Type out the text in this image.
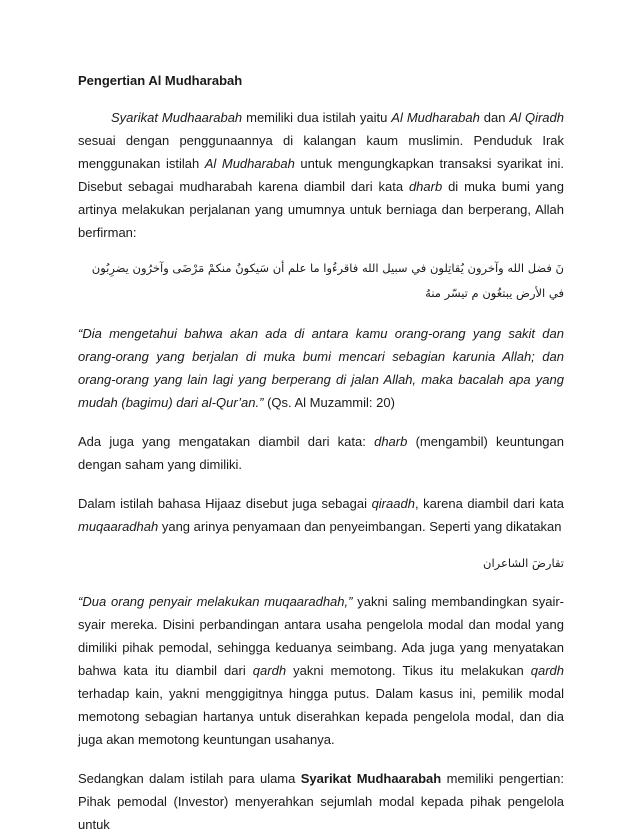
Pengertian Al Mudharabah

Syarikat Mudhaarabah memiliki dua istilah yaitu Al Mudharabah dan Al Qiradh sesuai dengan penggunaannya di kalangan kaum muslimin. Penduduk Irak menggunakan istilah Al Mudharabah untuk mengungkapkan transaksi syarikat ini. Disebut sebagai mudharabah karena diambil dari kata dharb di muka bumi yang artinya melakukan perjalanan yang umumnya untuk berniaga dan berperang, Allah berfirman:

نَ فضل الله وآخرون يُقاتِلون في سبيل الله فاقرءُوا ما علم أن سَيكونُ منكمْ مَرْضَى وآخرُون يضرِبُون في الأرض يبتغُون م تيسّر منهُ

“Dia mengetahui bahwa akan ada di antara kamu orang-orang yang sakit dan orang-orang yang berjalan di muka bumi mencari sebagian karunia Allah; dan orang-orang yang lain lagi yang berperang di jalan Allah, maka bacalah apa yang mudah (bagimu) dari al-Qur’an.” (Qs. Al Muzammil: 20)

Ada juga yang mengatakan diambil dari kata: dharb (mengambil) keuntungan dengan saham yang dimiliki.

Dalam istilah bahasa Hijaaz disebut juga sebagai qiraadh, karena diambil dari kata muqaaradhah yang arinya penyamaan dan penyeimbangan. Seperti yang dikatakan

تقارضَ الشاعران

“Dua orang penyair melakukan muqaaradhah,” yakni saling membandingkan syair-syair mereka. Disini perbandingan antara usaha pengelola modal dan modal yang dimiliki pihak pemodal, sehingga keduanya seimbang. Ada juga yang menyatakan bahwa kata itu diambil dari qardh yakni memotong. Tikus itu melakukan qardh terhadap kain, yakni menggigitnya hingga putus. Dalam kasus ini, pemilik modal memotong sebagian hartanya untuk diserahkan kepada pengelola modal, dan dia juga akan memotong keuntungan usahanya.

Sedangkan dalam istilah para ulama Syarikat Mudhaarabah memiliki pengertian: Pihak pemodal (Investor) menyerahkan sejumlah modal kepada pihak pengelola untuk
